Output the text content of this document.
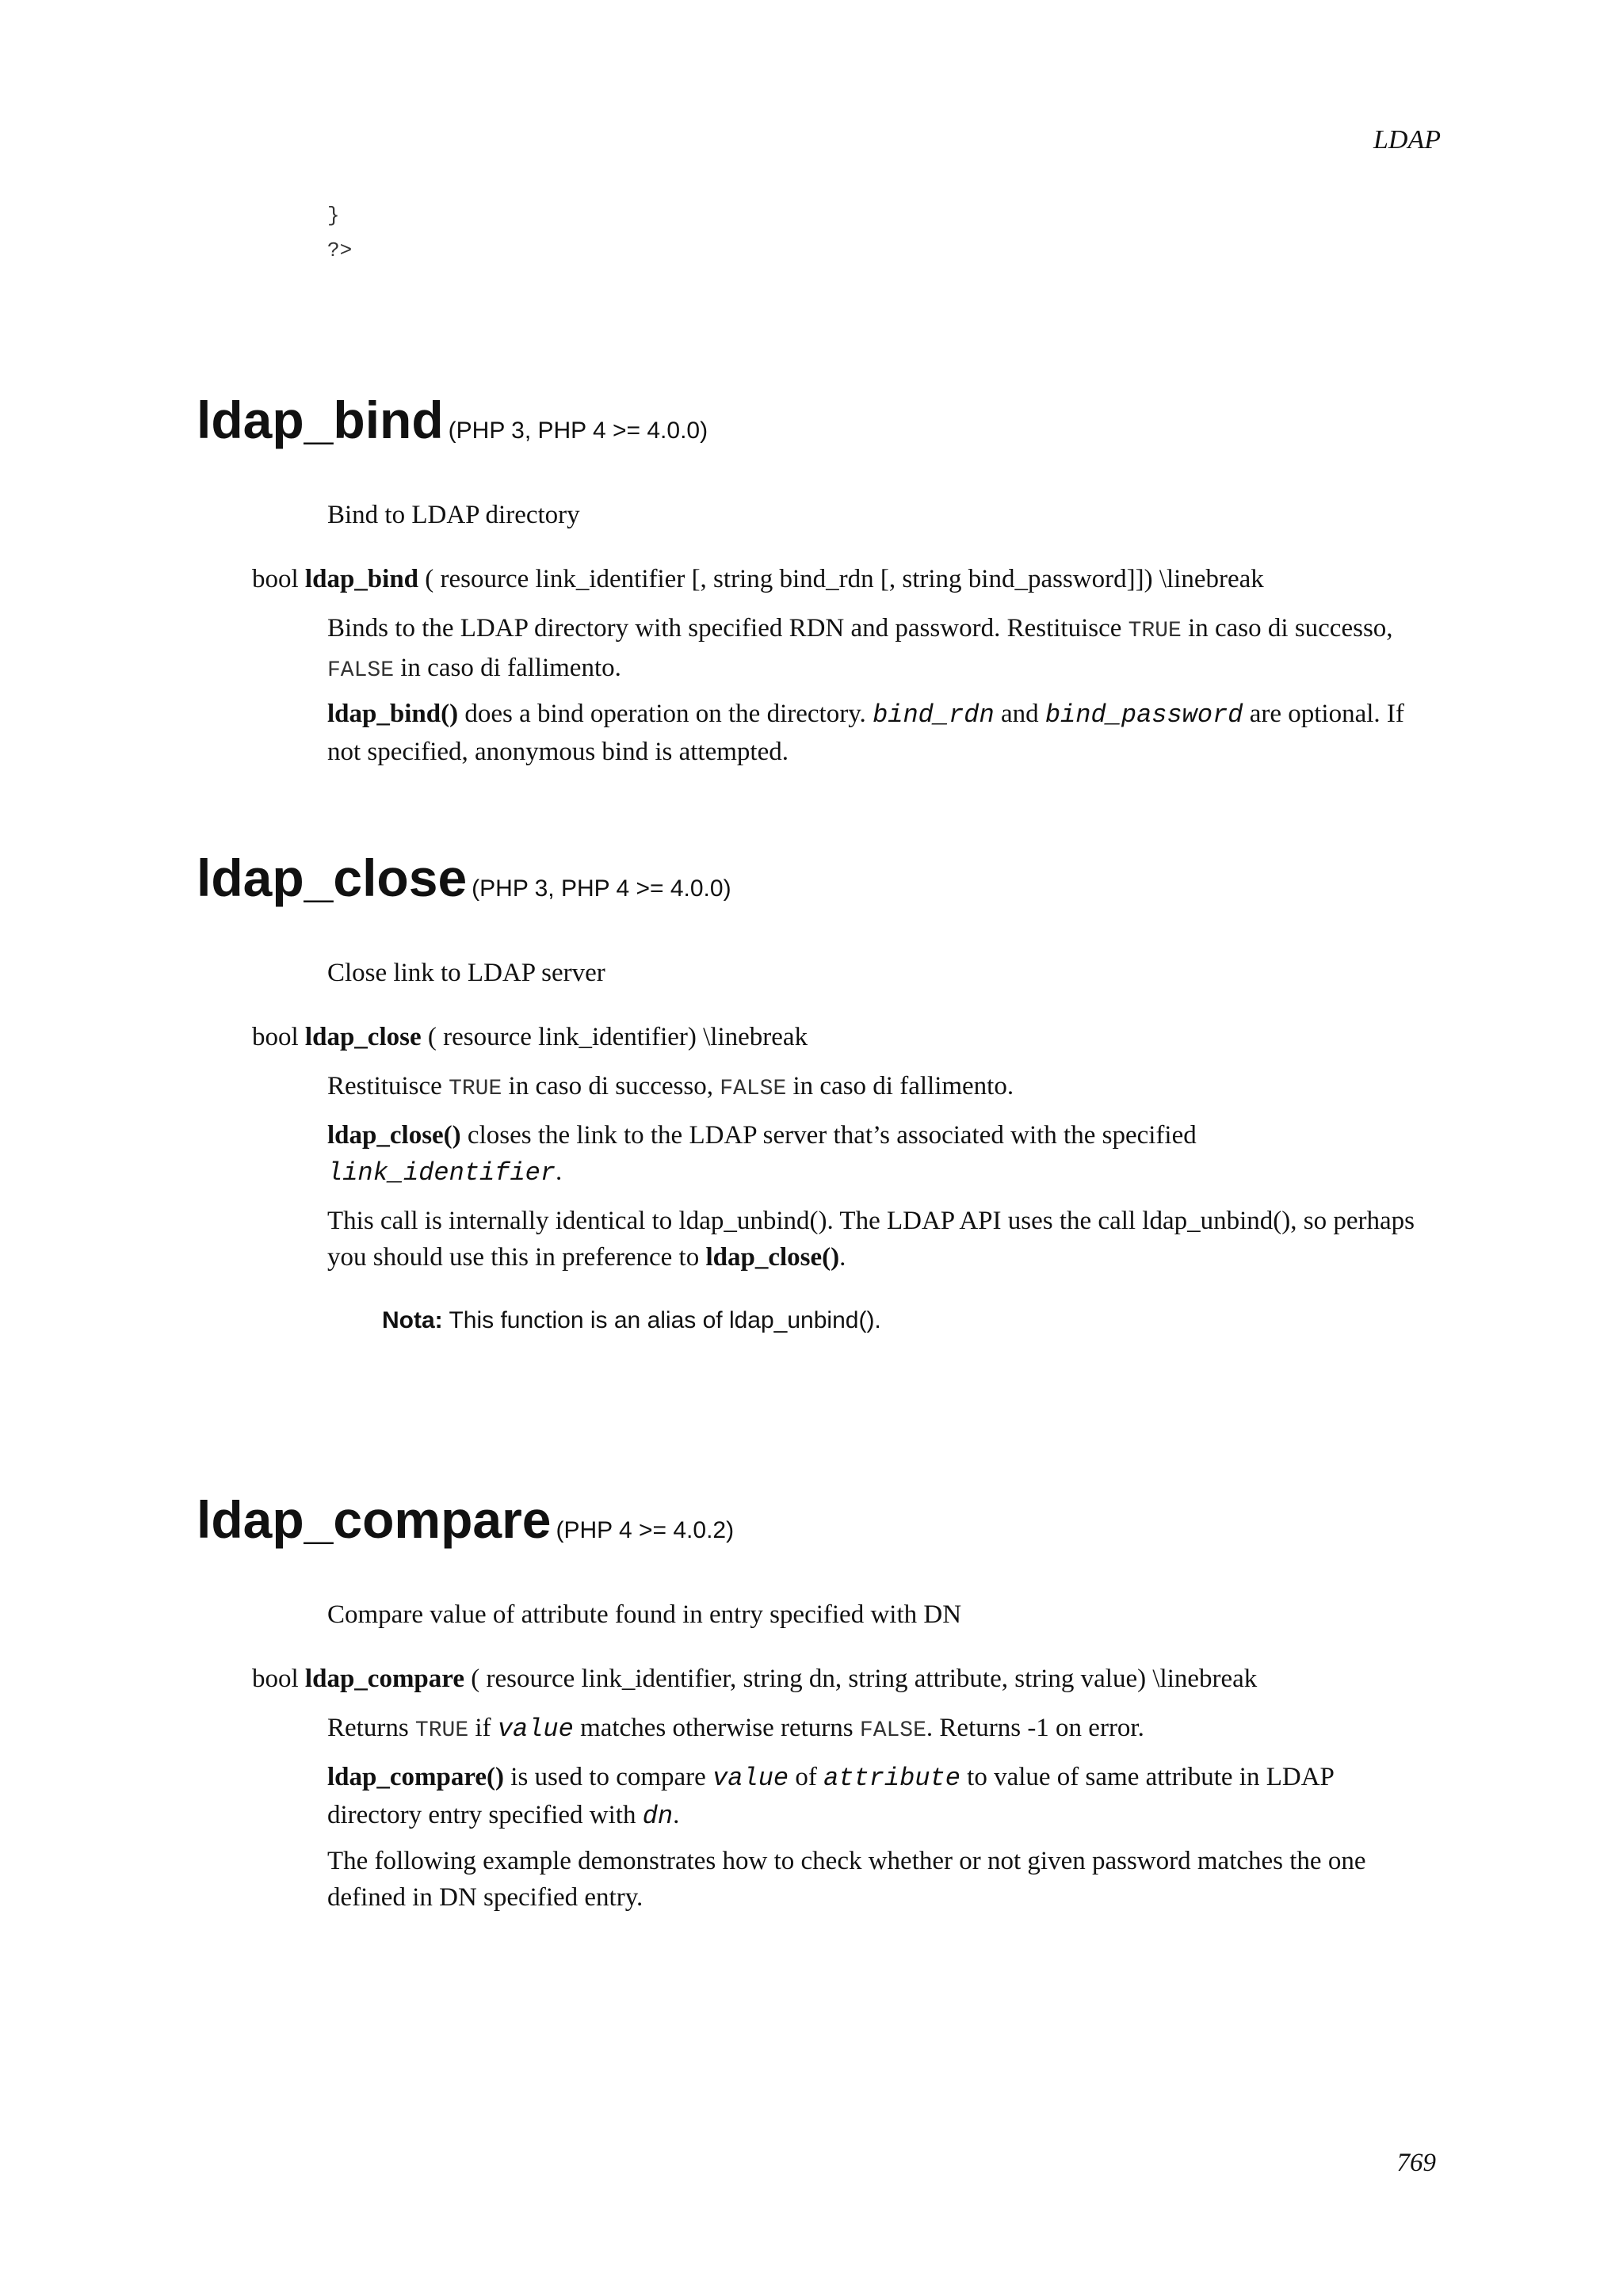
LDAP
}
?>
ldap_bind (PHP 3, PHP 4 >= 4.0.0)
Bind to LDAP directory
bool ldap_bind ( resource link_identifier [, string bind_rdn [, string bind_password]]) \linebreak
Binds to the LDAP directory with specified RDN and password. Restituisce TRUE in caso di successo, FALSE in caso di fallimento.
ldap_bind() does a bind operation on the directory. bind_rdn and bind_password are optional. If not specified, anonymous bind is attempted.
ldap_close (PHP 3, PHP 4 >= 4.0.0)
Close link to LDAP server
bool ldap_close ( resource link_identifier) \linebreak
Restituisce TRUE in caso di successo, FALSE in caso di fallimento.
ldap_close() closes the link to the LDAP server that’s associated with the specified link_identifier.
This call is internally identical to ldap_unbind(). The LDAP API uses the call ldap_unbind(), so perhaps you should use this in preference to ldap_close().
Nota: This function is an alias of ldap_unbind().
ldap_compare (PHP 4 >= 4.0.2)
Compare value of attribute found in entry specified with DN
bool ldap_compare ( resource link_identifier, string dn, string attribute, string value) \linebreak
Returns TRUE if value matches otherwise returns FALSE. Returns -1 on error.
ldap_compare() is used to compare value of attribute to value of same attribute in LDAP directory entry specified with dn.
The following example demonstrates how to check whether or not given password matches the one defined in DN specified entry.
769
